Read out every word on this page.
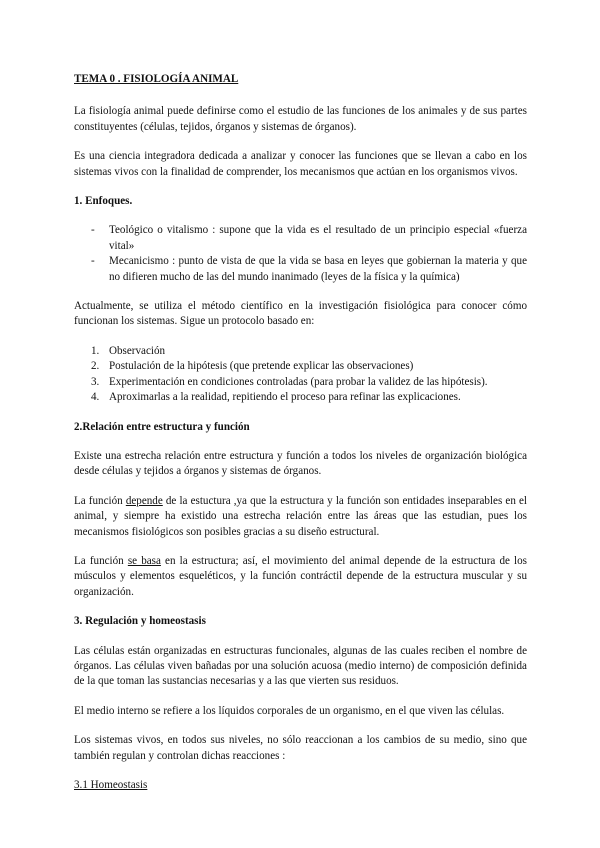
TEMA 0 . FISIOLOGÍA ANIMAL

La fisiología animal puede definirse como el estudio de las funciones de los animales y de sus partes constituyentes (células, tejidos, órganos y sistemas de órganos).

Es una ciencia integradora dedicada a analizar y conocer las funciones que se llevan a cabo en los sistemas vivos con la finalidad de comprender, los mecanismos que actúan en los organismos vivos.

1. Enfoques.
- Teológico o vitalismo : supone que la vida es el resultado de un principio especial «fuerza vital»
- Mecanicismo : punto de vista de que la vida se basa en leyes que gobiernan la materia y que no difieren mucho de las del mundo inanimado (leyes de la física y la química)

Actualmente, se utiliza el método científico en la investigación fisiológica para conocer cómo funcionan los sistemas. Sigue un protocolo basado en:

1. Observación
2. Postulación de la hipótesis (que pretende explicar las observaciones)
3. Experimentación en condiciones controladas (para probar la validez de las hipótesis).
4. Aproximarlas a la realidad, repitiendo el proceso para refinar las explicaciones.
2.Relación entre estructura y función

Existe una estrecha relación entre estructura y función a todos los niveles de organización biológica desde células y tejidos a órganos y sistemas de órganos.

La función depende de la estuctura ,ya que la estructura y la función son entidades inseparables en el animal, y siempre ha existido una estrecha relación entre las áreas que las estudian, pues los mecanismos fisiológicos son posibles gracias a su diseño estructural.

La función se basa en la estructura; así, el movimiento del animal depende de la estructura de los músculos y elementos esqueléticos, y la función contráctil depende de la estructura muscular y su organización.

3. Regulación y homeostasis

Las células están organizadas en estructuras funcionales, algunas de las cuales reciben el nombre de órganos. Las células viven bañadas por una solución acuosa (medio interno) de composición definida de la que toman las sustancias necesarias y a las que vierten sus residuos.

El medio interno se refiere a los líquidos corporales de un organismo, en el que viven las células.

Los sistemas vivos, en todos sus niveles, no sólo reaccionan a los cambios de su medio, sino que también regulan y controlan dichas reacciones :

3.1 Homeostasis
